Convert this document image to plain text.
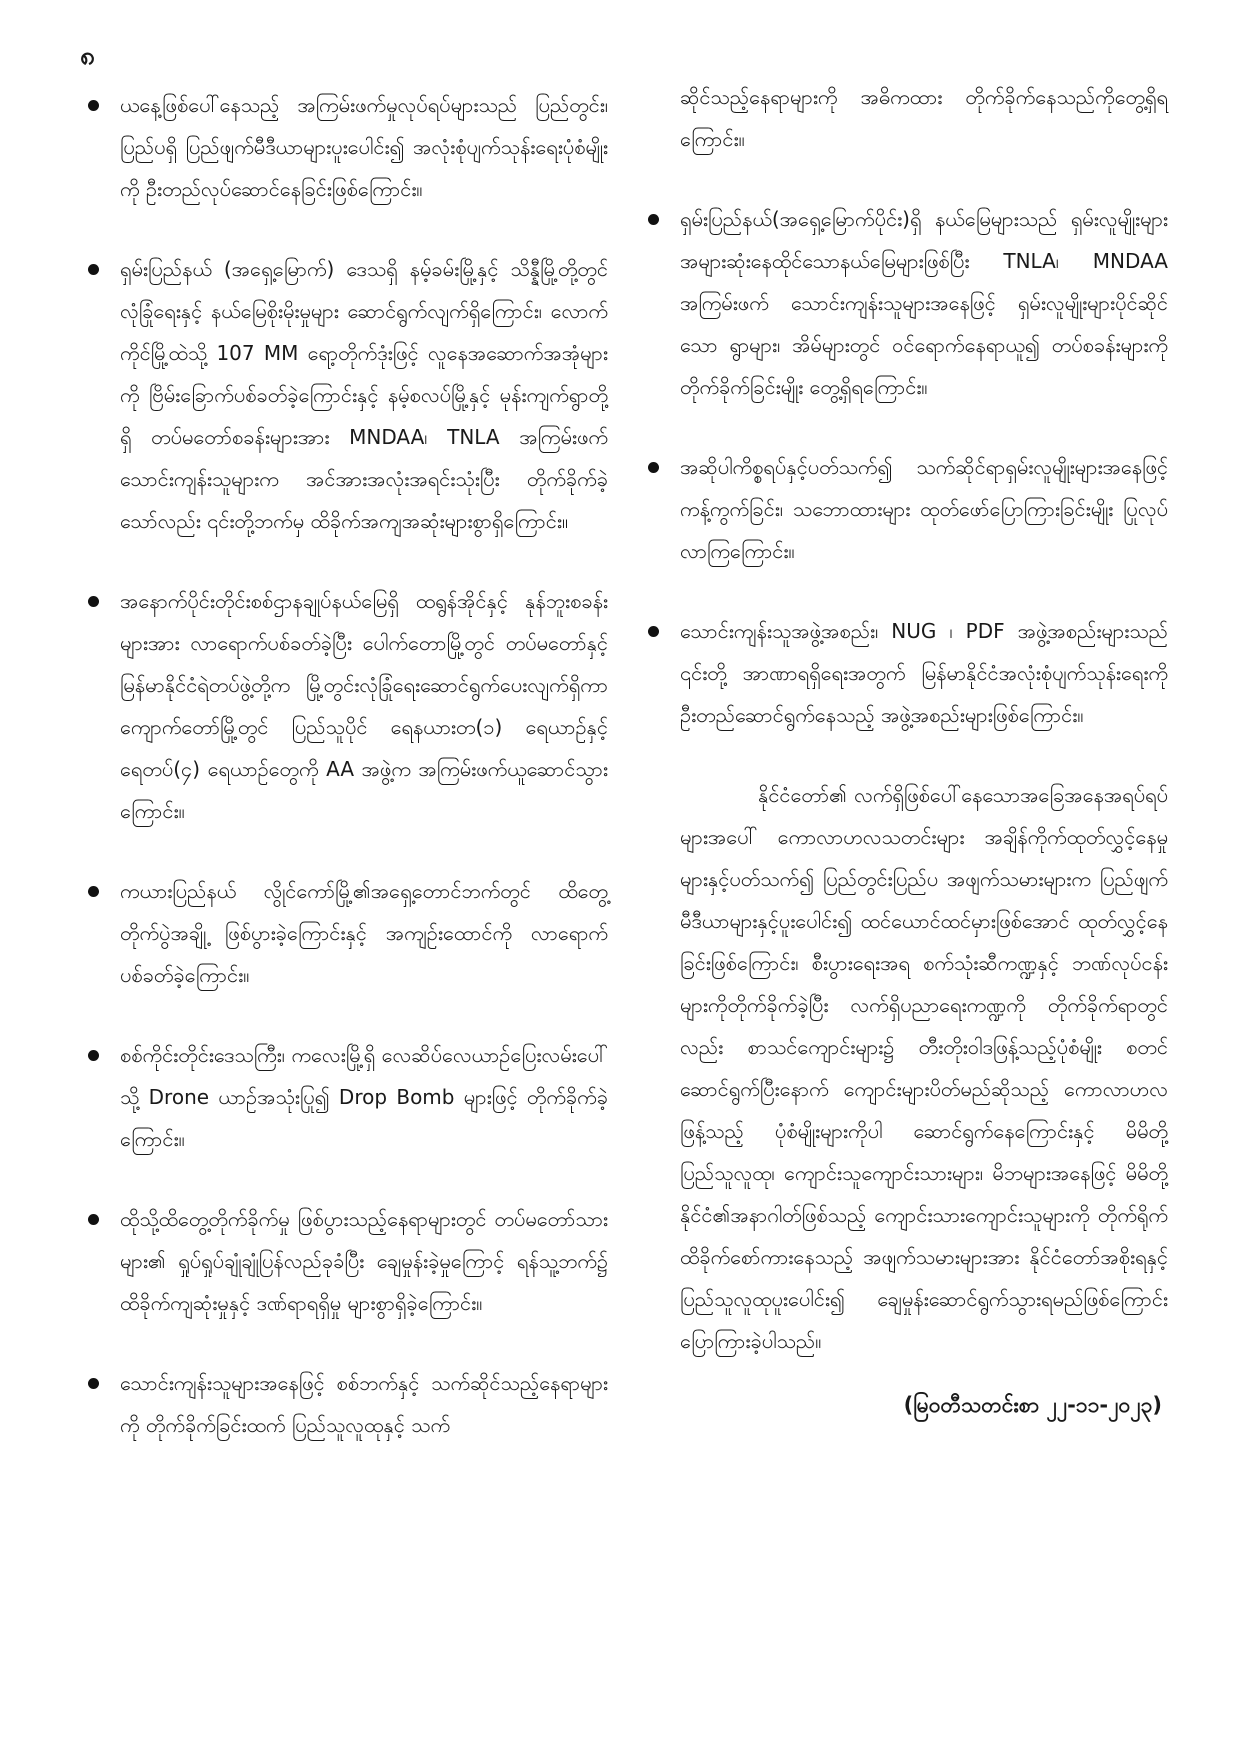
၈
ယနေ့ဖြစ်ပေါ်နေသည့် အကြမ်းဖက်မှုလုပ်ရပ်များသည် ပြည်တွင်း၊ ပြည်ပရှိ ပြည်ဖျက်မီဒီယာများပူးပေါင်း၍ အလုံးစုံပျက်သုန်းရေးပုံစံမျိုးကို ဦးတည်လုပ်ဆောင်နေခြင်းဖြစ်ကြောင်း။
ရှမ်းပြည်နယ် (အရှေ့မြောက်) ဒေသရှိ နမ့်ခမ်းမြို့နှင့် သိန္နီမြို့တို့တွင် လုံခြုံရေးနှင့် နယ်မြေစိုးမိုးမှုများ ဆောင်ရွက်လျက်ရှိကြောင်း၊ လောက်ကိုင်မြို့ထဲသို့ 107 MM ရော့တိုက်ဒုံးဖြင့် လူနေအဆောက်အအုံများကို ဗြိမ်းခြောက်ပစ်ခတ်ခဲ့ကြောင်းနှင့် နမ့်စလပ်မြို့နှင့် မုန်းကျက်ရွာတို့ရှိ တပ်မတော်စခန်းများအား MNDAA၊ TNLA အကြမ်းဖက်သောင်းကျန်းသူများက အင်အားအလုံးအရင်းသုံးပြီး တိုက်ခိုက်ခဲ့သော်လည်း ၎င်းတို့ဘက်မှ ထိခိုက်အကျအဆုံးများစွာရှိကြောင်း။
အနောက်ပိုင်းတိုင်းစစ်ဌာနချုပ်နယ်မြေရှိ ထရွန်အိုင်နှင့် နုန်ဘူးစခန်းများအား လာရောက်ပစ်ခတ်ခဲ့ပြီး ပေါက်တောမြို့တွင် တပ်မတော်နှင့် မြန်မာနိုင်ငံရဲတပ်ဖွဲ့တို့က မြို့တွင်းလုံခြုံရေးဆောင်ရွက်ပေးလျက်ရှိကာ ကျောက်တော်မြို့တွင် ပြည်သူပိုင် ရေနယားတ(၁) ရေယာဉ်နှင့် ရေတပ်(၄) ရေယာဉ်တွေကို AA အဖွဲ့က အကြမ်းဖက်ယူဆောင်သွားကြောင်း။
ကယားပြည်နယ် လွိုင်ကော်မြို့၏အရှေ့တောင်ဘက်တွင် ထိတွေ့တိုက်ပွဲအချို့ ဖြစ်ပွားခဲ့ကြောင်းနှင့် အကျဉ်းထောင်ကို လာရောက်ပစ်ခတ်ခဲ့ကြောင်း။
စစ်ကိုင်းတိုင်းဒေသကြီး၊ ကလေးမြို့ရှိ လေဆိပ်လေယာဉ်ပြေးလမ်းပေါ်သို့ Drone ယာဉ်အသုံးပြု၍ Drop Bomb များဖြင့် တိုက်ခိုက်ခဲ့ကြောင်း။
ထိုသို့ထိတွေ့တိုက်ခိုက်မှု ဖြစ်ပွားသည့်နေရာများတွင် တပ်မတော်သားများ၏ ရှုပ်ရှုပ်ချုံချုံပြန်လည်ခုခံပြီး ချေမှုန်းခဲ့မှုကြောင့် ရန်သူ့ဘက်၌ ထိခိုက်ကျဆုံးမှုနှင့် ဒဏ်ရာရရှိမှု များစွာရှိခဲ့ကြောင်း။
သောင်းကျန်းသူများအနေဖြင့် စစ်ဘက်နှင့် သက်ဆိုင်သည့်နေရာများကို တိုက်ခိုက်ခြင်းထက် ပြည်သူလူထုနှင့် သက်

ဆိုင်သည့်နေရာများကို အဓိကထား တိုက်ခိုက်နေသည်ကိုတွေ့ရှိရကြောင်း။

ရှမ်းပြည်နယ်(အရှေ့မြောက်ပိုင်း)ရှိ နယ်မြေများသည် ရှမ်းလူမျိုးများ အများဆုံးနေထိုင်သောနယ်မြေများဖြစ်ပြီး TNLA၊ MNDAA အကြမ်းဖက် သောင်းကျန်းသူများအနေဖြင့် ရှမ်းလူမျိုးများပိုင်ဆိုင်သော ရွာများ၊ အိမ်များတွင် ဝင်ရောက်နေရာယူ၍ တပ်စခန်းများကို တိုက်ခိုက်ခြင်းမျိုး တွေ့ရှိရကြောင်း။
အဆိုပါကိစ္စရပ်နှင့်ပတ်သက်၍ သက်ဆိုင်ရာရှမ်းလူမျိုးများအနေဖြင့် ကန့်ကွက်ခြင်း၊ သဘောထားများ ထုတ်ဖော်ပြောကြားခြင်းမျိုး ပြုလုပ်လာကြကြောင်း။
သောင်းကျန်းသူအဖွဲ့အစည်း၊ NUG ၊ PDF အဖွဲ့အစည်းများသည် ၎င်းတို့ အာဏာရရှိရေးအတွက် မြန်မာနိုင်ငံအလုံးစုံပျက်သုန်းရေးကို ဦးတည်ဆောင်ရွက်နေသည့် အဖွဲ့အစည်းများဖြစ်ကြောင်း။

နိုင်ငံတော်၏ လက်ရှိဖြစ်ပေါ်နေသောအခြေအနေအရပ်ရပ်များအပေါ် ကောလာဟလသတင်းများ အချိန်ကိုက်ထုတ်လွှင့်နေမှုများနှင့်ပတ်သက်၍ ပြည်တွင်းပြည်ပ အဖျက်သမားများက ပြည်ဖျက်မီဒီယာများနှင့်ပူးပေါင်း၍ ထင်ယောင်ထင်မှားဖြစ်အောင် ထုတ်လွှင့်နေခြင်းဖြစ်ကြောင်း၊ စီးပွားရေးအရ စက်သုံးဆီကဏ္ဍနှင့် ဘဏ်လုပ်ငန်းများကိုတိုက်ခိုက်ခဲ့ပြီး လက်ရှိပညာရေးကဏ္ဍကို တိုက်ခိုက်ရာတွင်လည်း စာသင်ကျောင်းများ၌ တီးတိုးဝါဒဖြန့်သည့်ပုံစံမျိုး စတင်ဆောင်ရွက်ပြီးနောက် ကျောင်းများပိတ်မည်ဆိုသည့် ကောလာဟလဖြန့်သည့် ပုံစံမျိုးများကိုပါ ဆောင်ရွက်နေကြောင်းနှင့် မိမိတို့ပြည်သူလူထု၊ ကျောင်းသူကျောင်းသားများ၊ မိဘများအနေဖြင့် မိမိတို့နိုင်ငံ၏အနာဂါတ်ဖြစ်သည့် ကျောင်းသားကျောင်းသူများကို တိုက်ရိုက်ထိခိုက်စော်ကားနေသည့် အဖျက်သမားများအား နိုင်ငံတော်အစိုးရနှင့် ပြည်သူလူထုပူးပေါင်း၍ ချေမှုန်းဆောင်ရွက်သွားရမည်ဖြစ်ကြောင်း ပြောကြားခဲ့ပါသည်။

(မြဝတီသတင်းစာ ၂၂-၁၁-၂၀၂၃)
